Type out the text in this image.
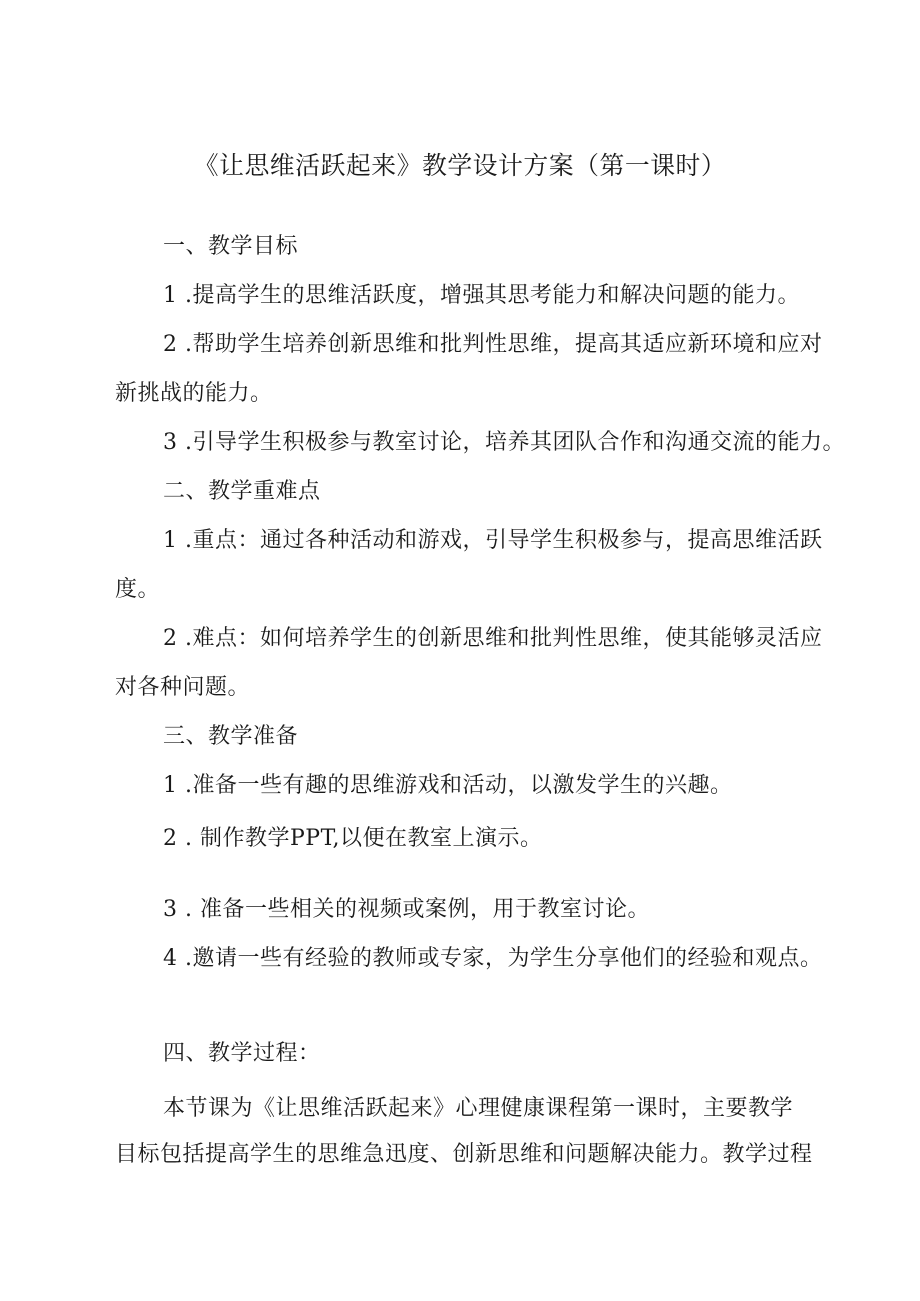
《让思维活跃起来》教学设计方案（第一课时）
一、教学目标
1 .提高学生的思维活跃度，增强其思考能力和解决问题的能力。
2 .帮助学生培养创新思维和批判性思维，提高其适应新环境和应对
新挑战的能力。
3 .引导学生积极参与教室讨论，培养其团队合作和沟通交流的能力。
二、教学重难点
1 .重点：通过各种活动和游戏，引导学生积极参与，提高思维活跃
度。
2 .难点：如何培养学生的创新思维和批判性思维，使其能够灵活应
对各种问题。
三、教学准备
1 .准备一些有趣的思维游戏和活动，以激发学生的兴趣。
2 . 制作教学PPT,以便在教室上演示。
3 . 准备一些相关的视频或案例，用于教室讨论。
4 .邀请一些有经验的教师或专家，为学生分享他们的经验和观点。
四、教学过程：
本节课为《让思维活跃起来》心理健康课程第一课时，主要教学
目标包括提高学生的思维急迅度、创新思维和问题解决能力。教学过程
